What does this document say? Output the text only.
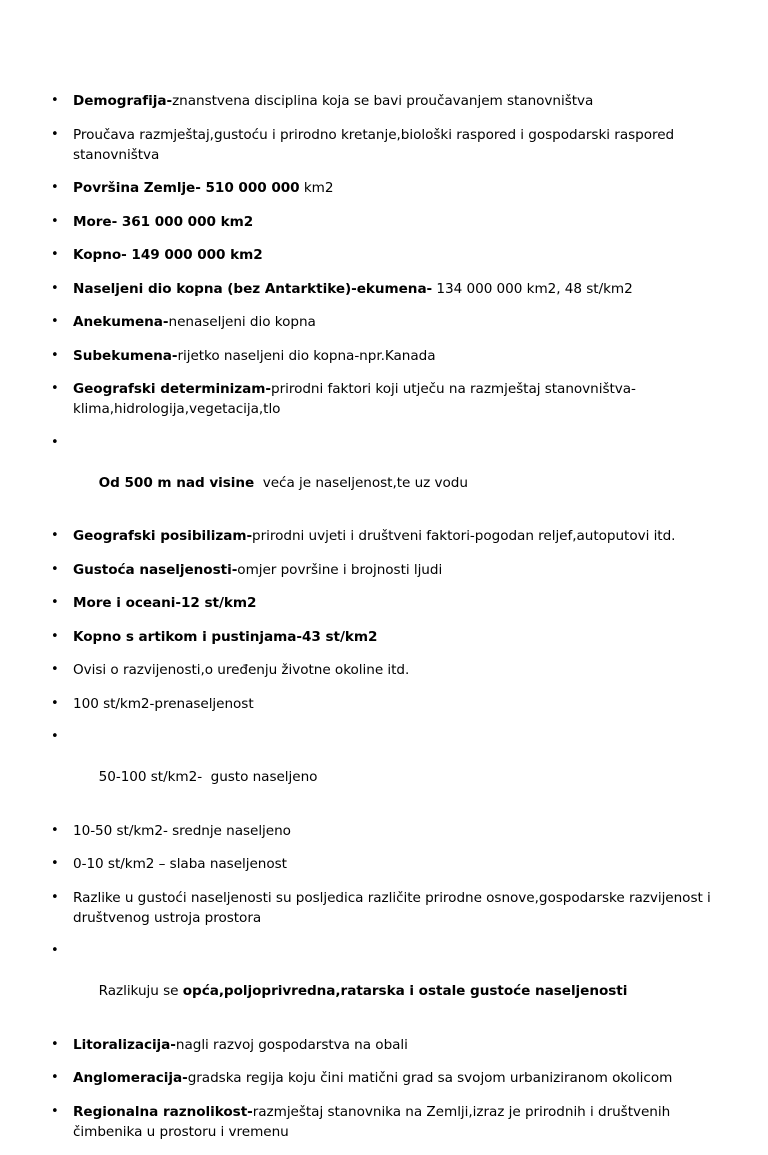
• Demografija-znanstvena disciplina koja se bavi proučavanjem stanovništva
• Proučava razmještaj,gustoću i prirodno kretanje,biološki raspored i gospodarski raspored stanovništva
• Površina Zemlje- 510 000 000 km2
• More- 361 000 000 km2
• Kopno- 149 000 000 km2
• Naseljeni dio kopna (bez Antarktike)-ekumena- 134 000 000 km2, 48 st/km2
• Anekumena-nenaseljeni dio kopna
• Subekumena-rijetko naseljeni dio kopna-npr.Kanada
• Geografski determinizam-prirodni faktori koji utječu na razmještaj stanovništva-klima,hidrologija,vegetacija,tlo

•

Od 500 m nad visine  veća je naseljenost,te uz vodu

• Geografski posibilizam-prirodni uvjeti i društveni faktori-pogodan reljef,autoputovi itd.
• Gustoća naseljenosti-omjer površine i brojnosti ljudi
• More i oceani-12 st/km2
• Kopno s artikom i pustinjama-43 st/km2
• Ovisi o razvijenosti,o uređenju životne okoline itd.
• 100 st/km2-prenaseljenost

•

50-100 st/km2-  gusto naseljeno

• 10-50 st/km2- srednje naseljeno
• 0-10 st/km2 – slaba naseljenost
• Razlike u gustoći naseljenosti su posljedica različite prirodne osnove,gospodarske razvijenost i društvenog ustroja prostora

•

Razlikuju se opća,poljoprivredna,ratarska i ostale gustoće naseljenosti

• Litoralizacija-nagli razvoj gospodarstva na obali
• Anglomeracija-gradska regija koju čini matični grad sa svojom urbaniziranom okolicom
• Regionalna raznolikost-razmještaj stanovnika na Zemlji,izraz je prirodnih i društvenih čimbenika u prostoru i vremenu
